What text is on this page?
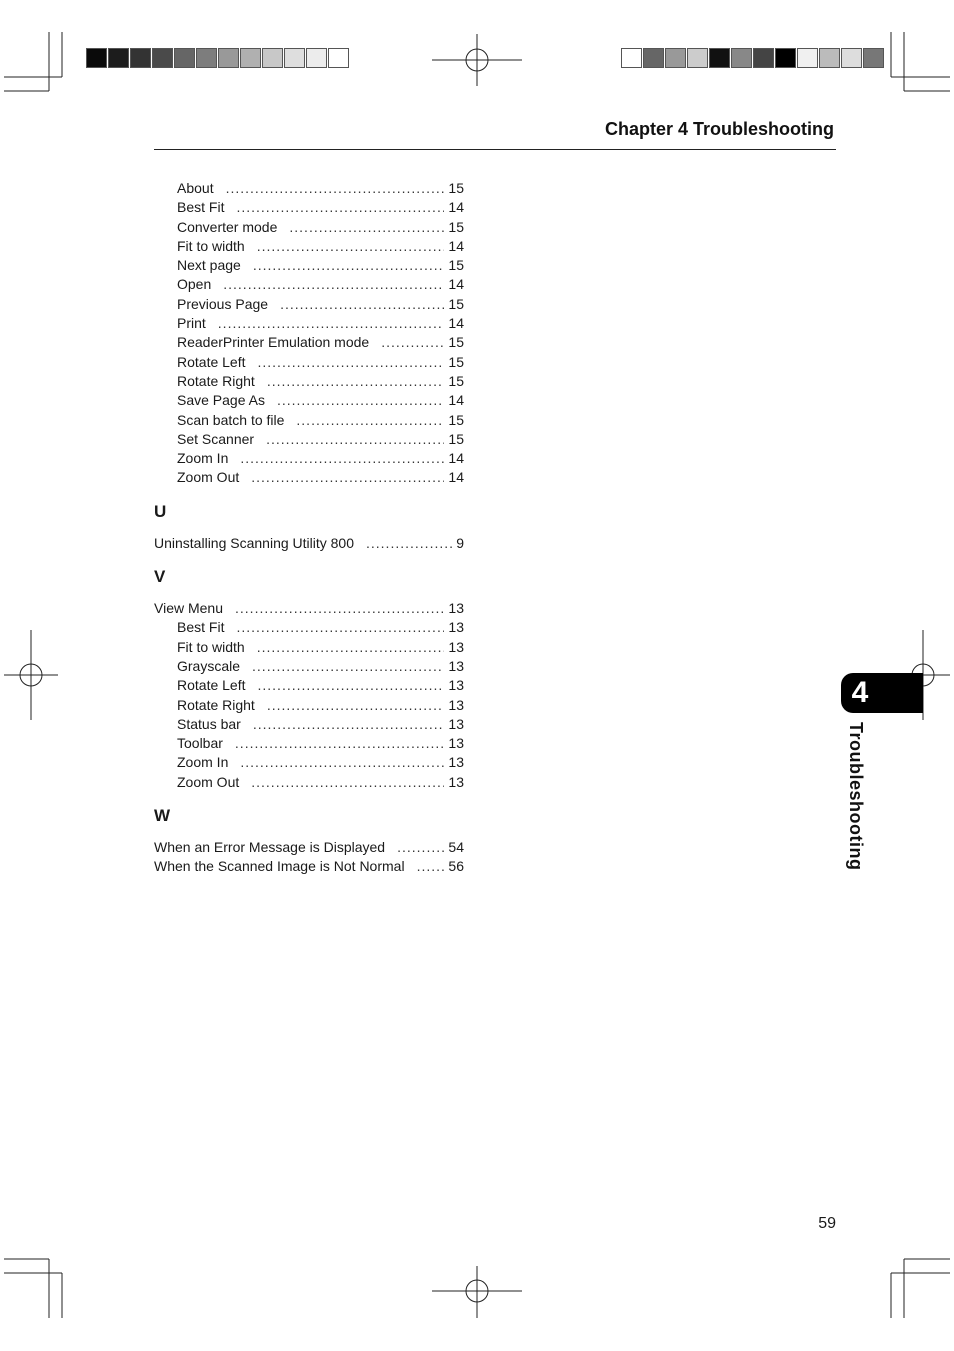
Chapter 4 Troubleshooting
About .....	15
Best Fit .....	14
Converter mode .....	15
Fit to width .....	14
Next page .....	15
Open .....	14
Previous Page .....	15
Print .....	14
ReaderPrinter Emulation mode .....	15
Rotate Left .....	15
Rotate Right .....	15
Save Page As .....	14
Scan batch to file .....	15
Set Scanner .....	15
Zoom In .....	14
Zoom Out .....	14
U
Uninstalling Scanning Utility 800 .....	9
V
View Menu .....	13
Best Fit .....	13
Fit to width .....	13
Grayscale .....	13
Rotate Left .....	13
Rotate Right .....	13
Status bar .....	13
Toolbar .....	13
Zoom In .....	13
Zoom Out .....	13
W
When an Error Message is Displayed .....	54
When the Scanned Image is Not Normal .....	56
4
Troubleshooting
59
